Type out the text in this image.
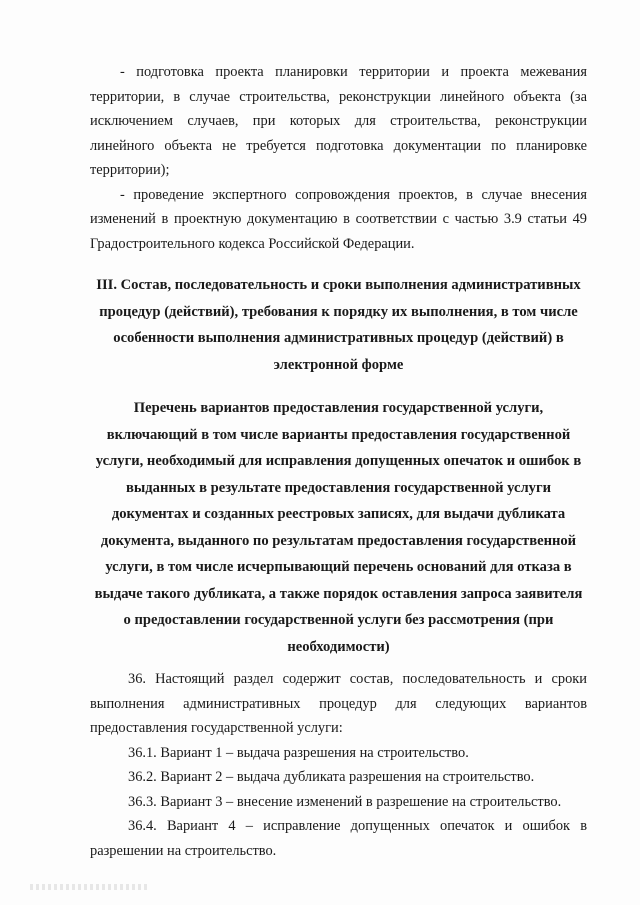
- подготовка проекта планировки территории и проекта межевания территории, в случае строительства, реконструкции линейного объекта (за исключением случаев, при которых для строительства, реконструкции линейного объекта не требуется подготовка документации по планировке территории);

- проведение экспертного сопровождения проектов, в случае внесения изменений в проектную документацию в соответствии с частью 3.9 статьи 49 Градостроительного кодекса Российской Федерации.

III. Состав, последовательность и сроки выполнения административных процедур (действий), требования к порядку их выполнения, в том числе особенности выполнения административных процедур (действий) в электронной форме

Перечень вариантов предоставления государственной услуги, включающий в том числе варианты предоставления государственной услуги, необходимый для исправления допущенных опечаток и ошибок в выданных в результате предоставления государственной услуги документах и созданных реестровых записях, для выдачи дубликата документа, выданного по результатам предоставления государственной услуги, в том числе исчерпывающий перечень оснований для отказа в выдаче такого дубликата, а также порядок оставления запроса заявителя о предоставлении государственной услуги без рассмотрения (при необходимости)

36. Настоящий раздел содержит состав, последовательность и сроки выполнения административных процедур для следующих вариантов предоставления государственной услуги:

36.1. Вариант 1 – выдача разрешения на строительство.

36.2. Вариант 2 – выдача дубликата разрешения на строительство.

36.3. Вариант 3 – внесение изменений в разрешение на строительство.

36.4. Вариант 4 – исправление допущенных опечаток и ошибок в разрешении на строительство.
